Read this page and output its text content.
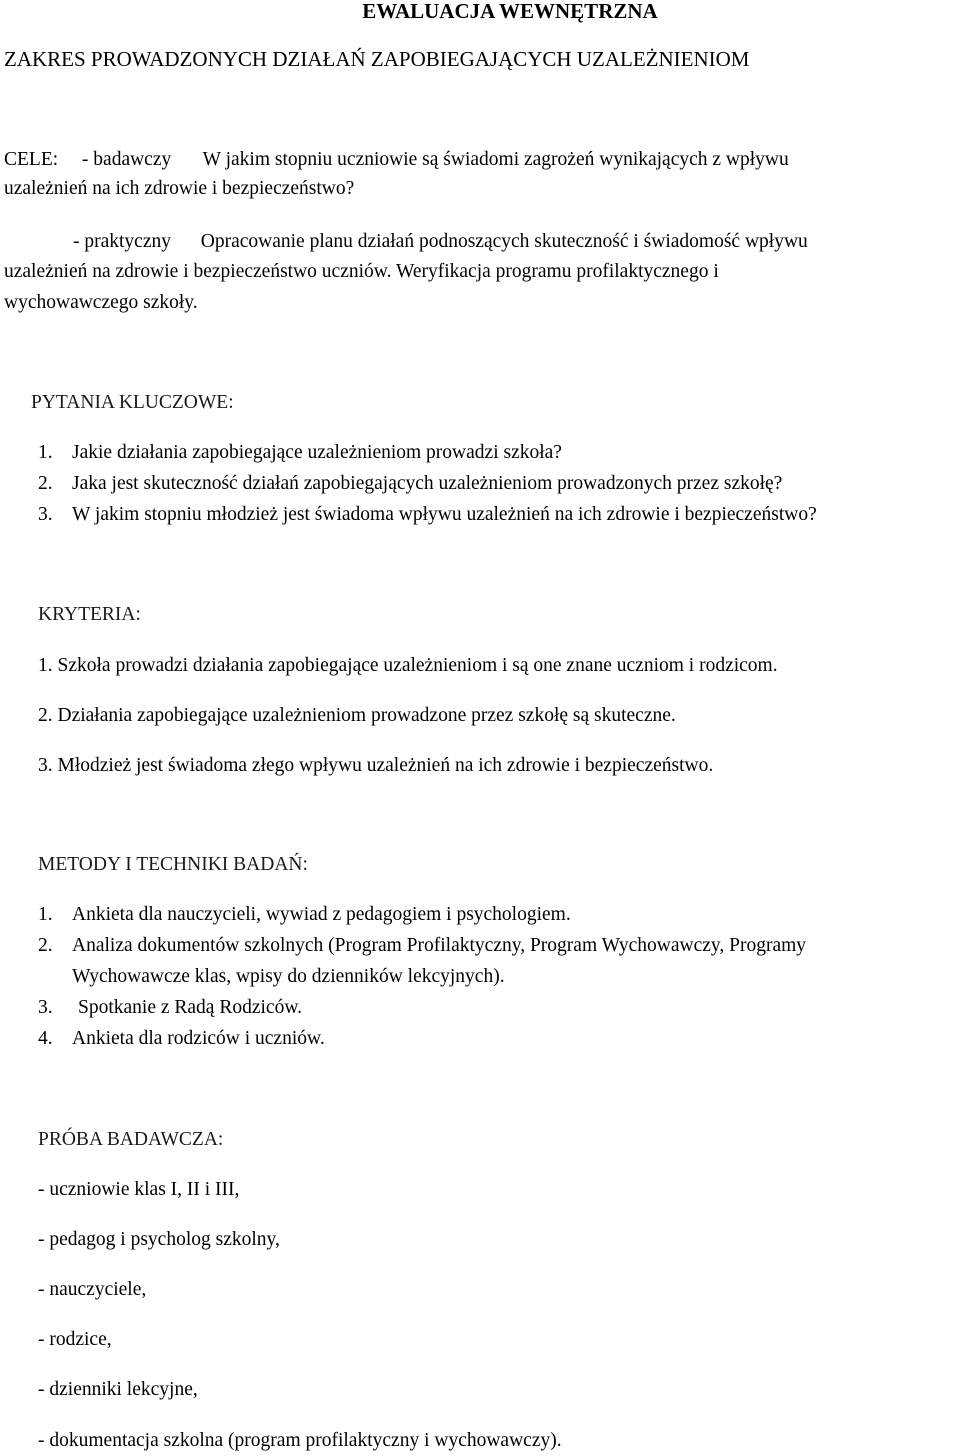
EWALUACJA WEWNĘTRZNA
ZAKRES PROWADZONYCH DZIAŁAŃ ZAPOBIEGAJĄCYCH UZALEŻNIENIOM
CELE: - badawczy W jakim stopniu uczniowie są świadomi zagrożeń wynikających z wpływu
uzależnień na ich zdrowie i bezpieczeństwo?
- praktyczny Opracowanie planu działań podnoszących skuteczność i świadomość wpływu
uzależnień na zdrowie i bezpieczeństwo uczniów. Weryfikacja programu profilaktycznego i
wychowawczego szkoły.
PYTANIA KLUCZOWE:
1. Jakie działania zapobiegające uzależnieniom prowadzi szkoła?
2. Jaka jest skuteczność działań zapobiegających uzależnieniom prowadzonych przez szkołę?
3. W jakim stopniu młodzież jest świadoma wpływu uzależnień na ich zdrowie i bezpieczeństwo?
KRYTERIA:
1. Szkoła prowadzi działania zapobiegające uzależnieniom i są one znane uczniom i rodzicom.
2. Działania zapobiegające uzależnieniom prowadzone przez szkołę są skuteczne.
3. Młodzież jest świadoma złego wpływu uzależnień na ich zdrowie i bezpieczeństwo.
METODY I TECHNIKI BADAŃ:
1. Ankieta dla nauczycieli, wywiad z pedagogiem i psychologiem.
2. Analiza dokumentów szkolnych (Program Profilaktyczny, Program Wychowawczy, Programy
Wychowawcze klas, wpisy do dzienników lekcyjnych).
3. Spotkanie z Radą Rodziców.
4. Ankieta dla rodziców i uczniów.
PRÓBA BADAWCZA:
- uczniowie klas I, II i III,
- pedagog i psycholog szkolny,
- nauczyciele,
- rodzice,
- dzienniki lekcyjne,
- dokumentacja szkolna (program profilaktyczny i wychowawczy).
